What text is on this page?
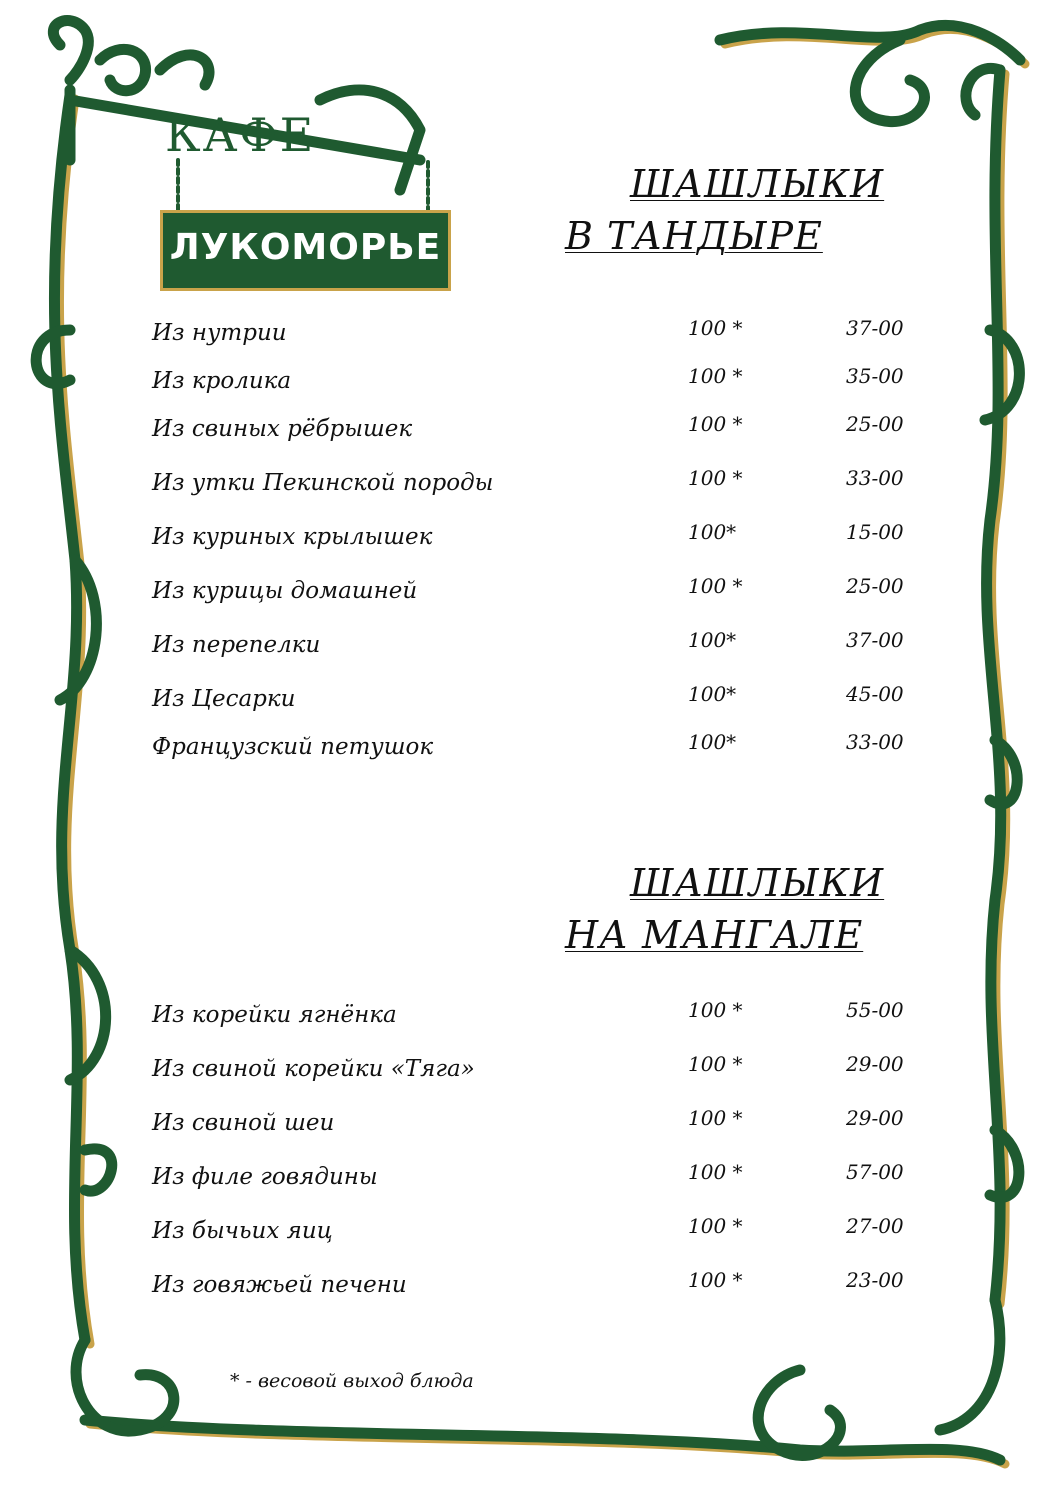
КАФЕ
ЛУКОМОРЬЕ
ШАШЛЫКИ
В ТАНДЫРЕ
Из нутрии	100 *	37-00
Из кролика	100 *	35-00
Из свиных рёбрышек	100 *	25-00
Из утки Пекинской породы	100 *	33-00
Из куриных крылышек	100*	15-00
Из курицы домашней	100 *	25-00
Из перепелки	100*	37-00
Из Цесарки	100*	45-00
Французский петушок	100*	33-00
ШАШЛЫКИ
НА МАНГАЛЕ
Из корейки ягнёнка	100 *	55-00
Из свиной корейки «Тяга»	100 *	29-00
Из свиной шеи	100 *	29-00
Из филе говядины	100 *	57-00
Из бычьих яиц	100 *	27-00
Из говяжьей печени	100 *	23-00
* - весовой выход блюда
